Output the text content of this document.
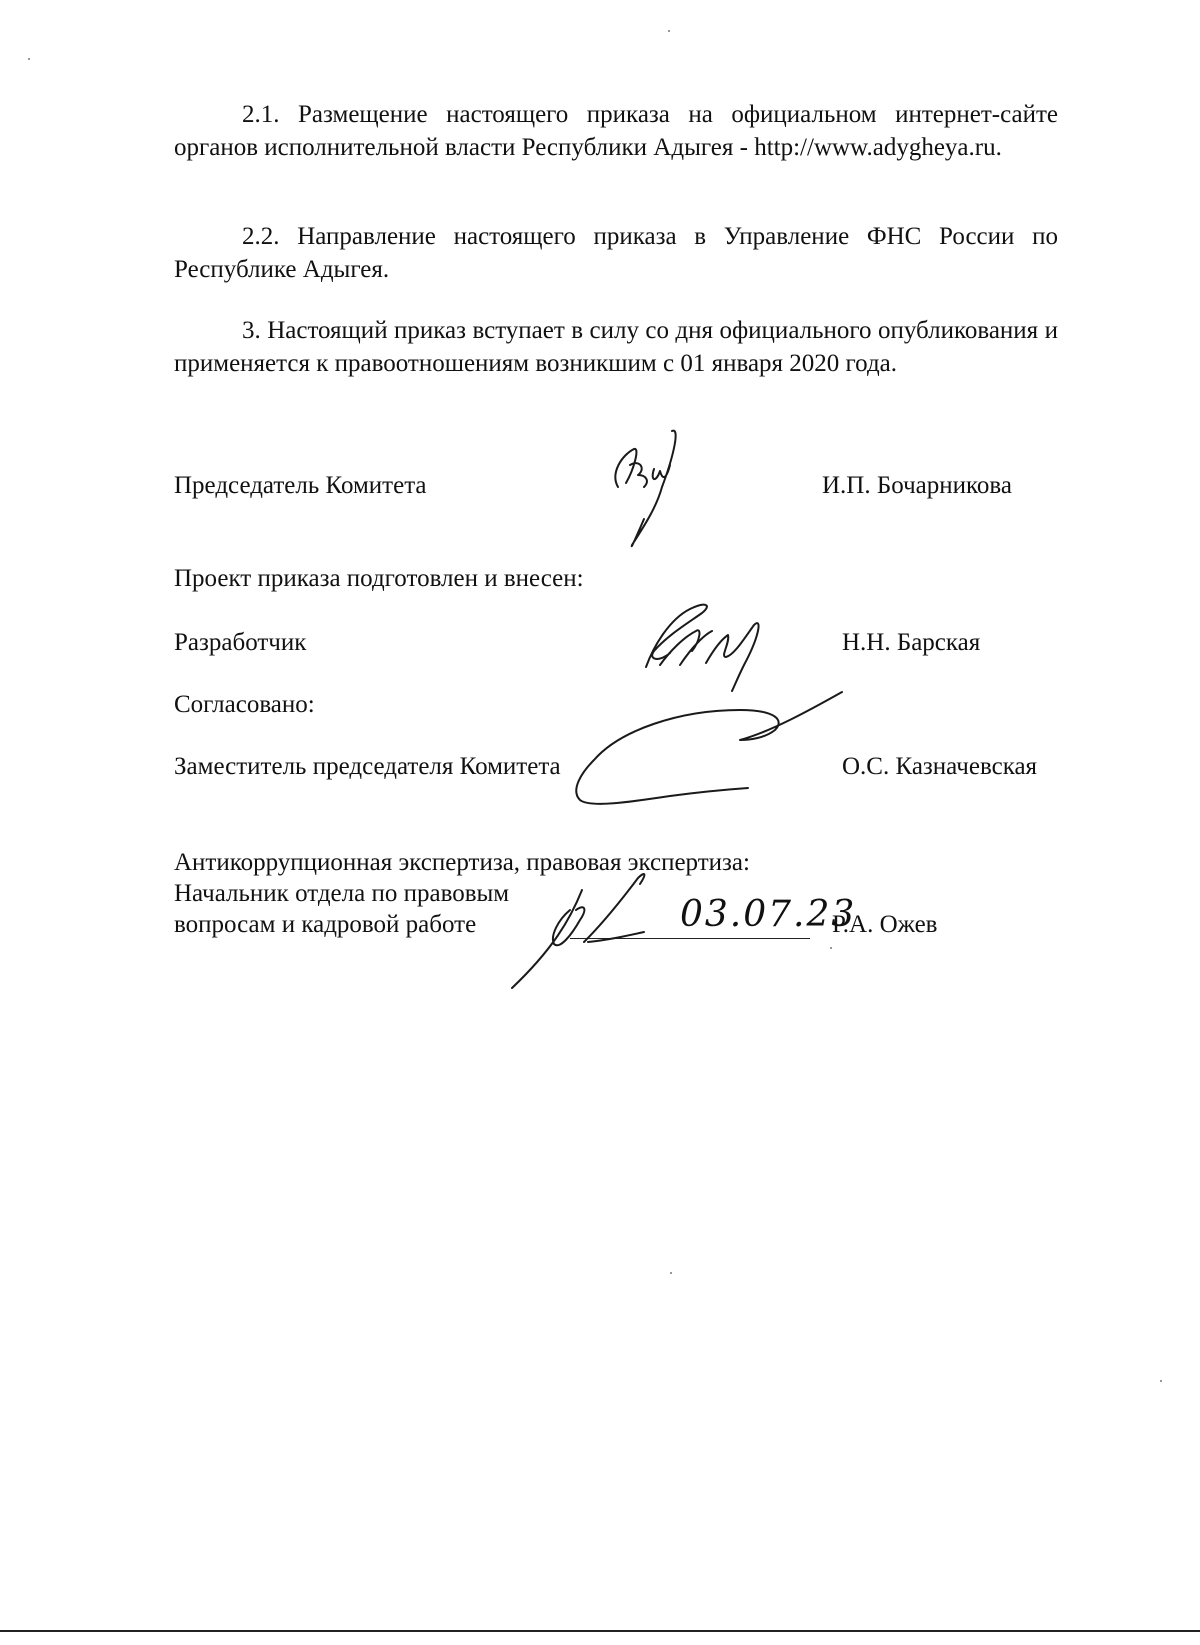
2.1. Размещение настоящего приказа на официальном интернет-сайте органов исполнительной власти Республики Адыгея - http://www.adygheya.ru.

2.2. Направление настоящего приказа в Управление ФНС России по Республике Адыгея.

3. Настоящий приказ вступает в силу со дня официального опубликования и применяется к правоотношениям возникшим с 01 января 2020 года.

Председатель Комитета	И.П. Бочарникова
Проект приказа подготовлен и внесен:
Разработчик	Н.Н. Барская
Согласовано:
Заместитель председателя Комитета	О.С. Казначевская
Антикоррупционная экспертиза, правовая экспертиза:
Начальник отдела по правовым
вопросам и кадровой работе	03.07.23
Р.А. Ожев
